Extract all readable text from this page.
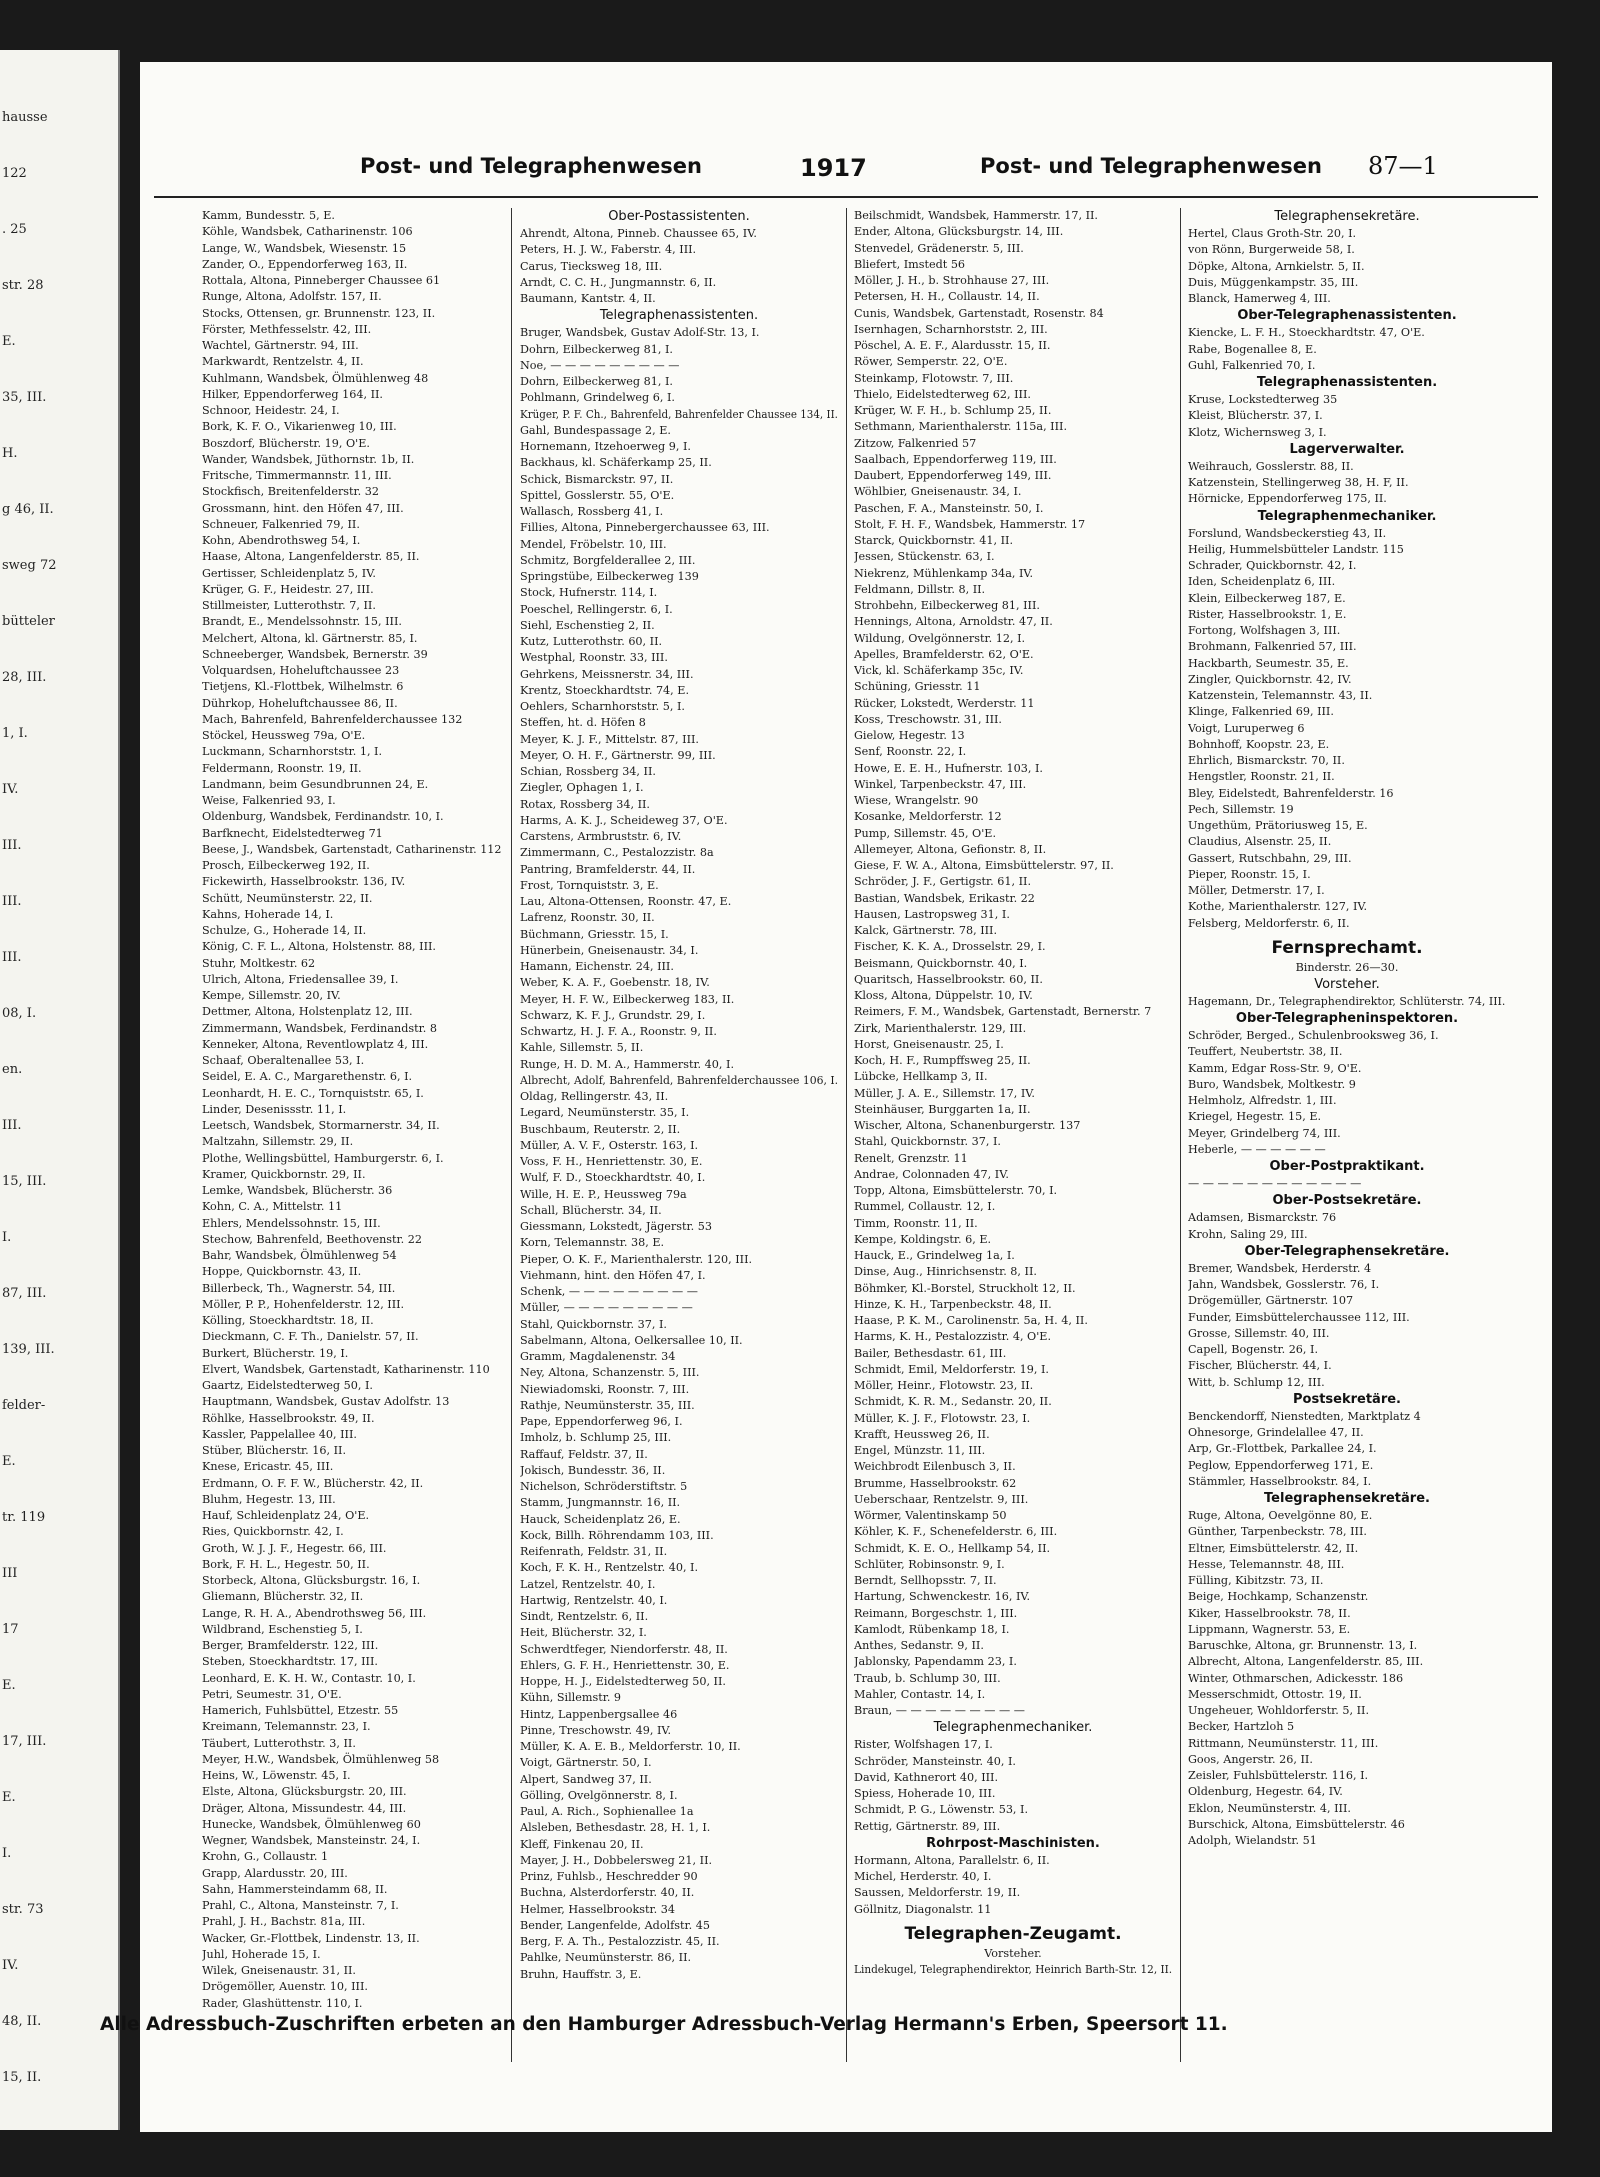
hausse
122
. 25
str. 28
E.
35, III.
H.
g 46, II.
sweg 72
bütteler
28, III.
1, I.
IV.
III.
III.
III.
08, I.
en.
III.
15, III.
I.
87, III.
139, III.
felder-
E.
tr. 119
III
17
E.
17, III.
E.
I.
str. 73
IV.
48, II.
15, II.
Post- und Telegraphenwesen	1917	Post- und Telegraphenwesen 87—1
Kamm, Bundesstr. 5, E.
Köhle, Wandsbek, Catharinenstr. 106
Lange, W., Wandsbek, Wiesenstr. 15
Zander, O., Eppendorferweg 163, II.
Rottala, Altona, Pinneberger Chaussee 61
Runge, Altona, Adolfstr. 157, II.
Stocks, Ottensen, gr. Brunnenstr. 123, II.
Förster, Methfesselstr. 42, III.
Wachtel, Gärtnerstr. 94, III.
Markwardt, Rentzelstr. 4, II.
Kuhlmann, Wandsbek, Ölmühlenweg 48
Hilker, Eppendorferweg 164, II.
Schnoor, Heidestr. 24, I.
Bork, K. F. O., Vikarienweg 10, III.
Boszdorf, Blücherstr. 19, O'E.
Wander, Wandsbek, Jüthornstr. 1b, II.
Fritsche, Timmermannstr. 11, III.
Stockfisch, Breitenfelderstr. 32
Grossmann, hint. den Höfen 47, III.
Schneuer, Falkenried 79, II.
Kohn, Abendrothsweg 54, I.
Haase, Altona, Langenfelderstr. 85, II.
Gertisser, Schleidenplatz 5, IV.
Krüger, G. F., Heidestr. 27, III.
Stillmeister, Lutterothstr. 7, II.
Brandt, E., Mendelssohnstr. 15, III.
Melchert, Altona, kl. Gärtnerstr. 85, I.
Schneeberger, Wandsbek, Bernerstr. 39
Volquardsen, Hoheluftchaussee 23
Tietjens, Kl.-Flottbek, Wilhelmstr. 6
Dührkop, Hoheluftchaussee 86, II.
Mach, Bahrenfeld, Bahrenfelderchaussee 132
Stöckel, Heussweg 79a, O'E.
Luckmann, Scharnhorststr. 1, I.
Feldermann, Roonstr. 19, II.
Landmann, beim Gesundbrunnen 24, E.
Weise, Falkenried 93, I.
Oldenburg, Wandsbek, Ferdinandstr. 10, I.
Barfknecht, Eidelstedterweg 71
Beese, J., Wandsbek, Gartenstadt, Catharinenstr. 112
Prosch, Eilbeckerweg 192, II.
Fickewirth, Hasselbrookstr. 136, IV.
Schütt, Neumünsterstr. 22, II.
Kahns, Hoherade 14, I.
Schulze, G., Hoherade 14, II.
König, C. F. L., Altona, Holstenstr. 88, III.
Stuhr, Moltkestr. 62
Ulrich, Altona, Friedensallee 39, I.
Kempe, Sillemstr. 20, IV.
Dettmer, Altona, Holstenplatz 12, III.
Zimmermann, Wandsbek, Ferdinandstr. 8
Kenneker, Altona, Reventlowplatz 4, III.
Schaaf, Oberaltenallee 53, I.
Seidel, E. A. C., Margarethenstr. 6, I.
Leonhardt, H. E. C., Tornquiststr. 65, I.
Linder, Desenissstr. 11, I.
Leetsch, Wandsbek, Stormarnerstr. 34, II.
Maltzahn, Sillemstr. 29, II.
Plothe, Wellingsbüttel, Hamburgerstr. 6, I.
Kramer, Quickbornstr. 29, II.
Lemke, Wandsbek, Blücherstr. 36
Kohn, C. A., Mittelstr. 11
Ehlers, Mendelssohnstr. 15, III.
Stechow, Bahrenfeld, Beethovenstr. 22
Bahr, Wandsbek, Ölmühlenweg 54
Hoppe, Quickbornstr. 43, II.
Billerbeck, Th., Wagnerstr. 54, III.
Möller, P. P., Hohenfelderstr. 12, III.
Kölling, Stoeckhardtstr. 18, II.
Dieckmann, C. F. Th., Danielstr. 57, II.
Burkert, Blücherstr. 19, I.
Elvert, Wandsbek, Gartenstadt, Katharinenstr. 110
Gaartz, Eidelstedterweg 50, I.
Hauptmann, Wandsbek, Gustav Adolfstr. 13
Röhlke, Hasselbrookstr. 49, II.
Kassler, Pappelallee 40, III.
Stüber, Blücherstr. 16, II.
Knese, Ericastr. 45, III.
Erdmann, O. F. F. W., Blücherstr. 42, II.
Bluhm, Hegestr. 13, III.
Hauf, Schleidenplatz 24, O'E.
Ries, Quickbornstr. 42, I.
Groth, W. J. J. F., Hegestr. 66, III.
Bork, F. H. L., Hegestr. 50, II.
Storbeck, Altona, Glücksburgstr. 16, I.
Gliemann, Blücherstr. 32, II.
Lange, R. H. A., Abendrothsweg 56, III.
Wildbrand, Eschenstieg 5, I.
Berger, Bramfelderstr. 122, III.
Steben, Stoeckhardtstr. 17, III.
Leonhard, E. K. H. W., Contastr. 10, I.
Petri, Seumestr. 31, O'E.
Hamerich, Fuhlsbüttel, Etzestr. 55
Kreimann, Telemannstr. 23, I.
Täubert, Lutterothstr. 3, II.
Meyer, H.W., Wandsbek, Ölmühlenweg 58
Heins, W., Löwenstr. 45, I.
Elste, Altona, Glücksburgstr. 20, III.
Dräger, Altona, Missundestr. 44, III.
Hunecke, Wandsbek, Ölmühlenweg 60
Wegner, Wandsbek, Mansteinstr. 24, I.
Krohn, G., Collaustr. 1
Grapp, Alardusstr. 20, III.
Sahn, Hammersteindamm 68, II.
Prahl, C., Altona, Mansteinstr. 7, I.
Prahl, J. H., Bachstr. 81a, III.
Wacker, Gr.-Flottbek, Lindenstr. 13, II.
Juhl, Hoherade 15, I.
Wilek, Gneisenaustr. 31, II.
Drögemöller, Auenstr. 10, III.
Rader, Glashüttenstr. 110, I.
Ober-Postassistenten.
Ahrendt, Altona, Pinneb. Chaussee 65, IV.
Peters, H. J. W., Faberstr. 4, III.
Carus, Tiecksweg 18, III.
Arndt, C. C. H., Jungmannstr. 6, II.
Baumann, Kantstr. 4, II.
Telegraphenassistenten.
Bruger, Wandsbek, Gustav Adolf-Str. 13, I.
Dohrn, Eilbeckerweg 81, I.
Noe, — — — — — — — — —
Dohrn, Eilbeckerweg 81, I.
Pohlmann, Grindelweg 6, I.
Krüger, P. F. Ch., Bahrenfeld, Bahrenfelder Chaussee 134, II.
Gahl, Bundespassage 2, E.
Hornemann, Itzehoerweg 9, I.
Backhaus, kl. Schäferkamp 25, II.
Schick, Bismarckstr. 97, II.
Spittel, Gosslerstr. 55, O'E.
Wallasch, Rossberg 41, I.
Fillies, Altona, Pinnebergerchaussee 63, III.
Mendel, Fröbelstr. 10, III.
Schmitz, Borgfelderallee 2, III.
Springstübe, Eilbeckerweg 139
Stock, Hufnerstr. 114, I.
Poeschel, Rellingerstr. 6, I.
Siehl, Eschenstieg 2, II.
Kutz, Lutterothstr. 60, II.
Westphal, Roonstr. 33, III.
Gehrkens, Meissnerstr. 34, III.
Krentz, Stoeckhardtstr. 74, E.
Oehlers, Scharnhorststr. 5, I.
Steffen, ht. d. Höfen 8
Meyer, K. J. F., Mittelstr. 87, III.
Meyer, O. H. F., Gärtnerstr. 99, III.
Schian, Rossberg 34, II.
Ziegler, Ophagen 1, I.
Rotax, Rossberg 34, II.
Harms, A. K. J., Scheideweg 37, O'E.
Carstens, Armbruststr. 6, IV.
Zimmermann, C., Pestalozzistr. 8a
Pantring, Bramfelderstr. 44, II.
Frost, Tornquiststr. 3, E.
Lau, Altona-Ottensen, Roonstr. 47, E.
Lafrenz, Roonstr. 30, II.
Büchmann, Griesstr. 15, I.
Hünerbein, Gneisenaustr. 34, I.
Hamann, Eichenstr. 24, III.
Weber, K. A. F., Goebenstr. 18, IV.
Meyer, H. F. W., Eilbeckerweg 183, II.
Schwarz, K. F. J., Grundstr. 29, I.
Schwartz, H. J. F. A., Roonstr. 9, II.
Kahle, Sillemstr. 5, II.
Runge, H. D. M. A., Hammerstr. 40, I.
Albrecht, Adolf, Bahrenfeld, Bahrenfelderchaussee 106, I.
Oldag, Rellingerstr. 43, II.
Legard, Neumünsterstr. 35, I.
Buschbaum, Reuterstr. 2, II.
Müller, A. V. F., Osterstr. 163, I.
Voss, F. H., Henriettenstr. 30, E.
Wulf, F. D., Stoeckhardtstr. 40, I.
Wille, H. E. P., Heussweg 79a
Schall, Blücherstr. 34, II.
Giessmann, Lokstedt, Jägerstr. 53
Korn, Telemannstr. 38, E.
Pieper, O. K. F., Marienthalerstr. 120, III.
Viehmann, hint. den Höfen 47, I.
Schenk, — — — — — — — — —
Müller, — — — — — — — — —
Stahl, Quickbornstr. 37, I.
Sabelmann, Altona, Oelkersallee 10, II.
Gramm, Magdalenenstr. 34
Ney, Altona, Schanzenstr. 5, III.
Niewiadomski, Roonstr. 7, III.
Rathje, Neumünsterstr. 35, III.
Pape, Eppendorferweg 96, I.
Imholz, b. Schlump 25, III.
Raffauf, Feldstr. 37, II.
Jokisch, Bundesstr. 36, II.
Nichelson, Schröderstiftstr. 5
Stamm, Jungmannstr. 16, II.
Hauck, Scheidenplatz 26, E.
Kock, Billh. Röhrendamm 103, III.
Reifenrath, Feldstr. 31, II.
Koch, F. K. H., Rentzelstr. 40, I.
Latzel, Rentzelstr. 40, I.
Hartwig, Rentzelstr. 40, I.
Sindt, Rentzelstr. 6, II.
Heit, Blücherstr. 32, I.
Schwerdtfeger, Niendorferstr. 48, II.
Ehlers, G. F. H., Henriettenstr. 30, E.
Hoppe, H. J., Eidelstedterweg 50, II.
Kühn, Sillemstr. 9
Hintz, Lappenbergsallee 46
Pinne, Treschowstr. 49, IV.
Müller, K. A. E. B., Meldorferstr. 10, II.
Voigt, Gärtnerstr. 50, I.
Alpert, Sandweg 37, II.
Gölling, Ovelgönnerstr. 8, I.
Paul, A. Rich., Sophienallee 1a
Alsleben, Bethesdastr. 28, H. 1, I.
Kleff, Finkenau 20, II.
Mayer, J. H., Dobbelersweg 21, II.
Prinz, Fuhlsb., Heschredder 90
Buchna, Alsterdorferstr. 40, II.
Helmer, Hasselbrookstr. 34
Bender, Langenfelde, Adolfstr. 45
Berg, F. A. Th., Pestalozzistr. 45, II.
Pahlke, Neumünsterstr. 86, II.
Bruhn, Hauffstr. 3, E.
Beilschmidt, Wandsbek, Hammerstr. 17, II.
Ender, Altona, Glücksburgstr. 14, III.
Stenvedel, Grädenerstr. 5, III.
Bliefert, Imstedt 56
Möller, J. H., b. Strohhause 27, III.
Petersen, H. H., Collaustr. 14, II.
Cunis, Wandsbek, Gartenstadt, Rosenstr. 84
Isernhagen, Scharnhorststr. 2, III.
Pöschel, A. E. F., Alardusstr. 15, II.
Röwer, Semperstr. 22, O'E.
Steinkamp, Flotowstr. 7, III.
Thielo, Eidelstedterweg 62, III.
Krüger, W. F. H., b. Schlump 25, II.
Sethmann, Marienthalerstr. 115a, III.
Zitzow, Falkenried 57
Saalbach, Eppendorferweg 119, III.
Daubert, Eppendorferweg 149, III.
Wöhlbier, Gneisenaustr. 34, I.
Paschen, F. A., Mansteinstr. 50, I.
Stolt, F. H. F., Wandsbek, Hammerstr. 17
Starck, Quickbornstr. 41, II.
Jessen, Stückenstr. 63, I.
Niekrenz, Mühlenkamp 34a, IV.
Feldmann, Dillstr. 8, II.
Strohbehn, Eilbeckerweg 81, III.
Hennings, Altona, Arnoldstr. 47, II.
Wildung, Ovelgönnerstr. 12, I.
Apelles, Bramfelderstr. 62, O'E.
Vick, kl. Schäferkamp 35c, IV.
Schüning, Griesstr. 11
Rücker, Lokstedt, Werderstr. 11
Koss, Treschowstr. 31, III.
Gielow, Hegestr. 13
Senf, Roonstr. 22, I.
Howe, E. E. H., Hufnerstr. 103, I.
Winkel, Tarpenbeckstr. 47, III.
Wiese, Wrangelstr. 90
Kosanke, Meldorferstr. 12
Pump, Sillemstr. 45, O'E.
Allemeyer, Altona, Gefionstr. 8, II.
Giese, F. W. A., Altona, Eimsbüttelerstr. 97, II.
Schröder, J. F., Gertigstr. 61, II.
Bastian, Wandsbek, Erikastr. 22
Hausen, Lastropsweg 31, I.
Kalck, Gärtnerstr. 78, III.
Fischer, K. K. A., Drosselstr. 29, I.
Beismann, Quickbornstr. 40, I.
Quaritsch, Hasselbrookstr. 60, II.
Kloss, Altona, Düppelstr. 10, IV.
Reimers, F. M., Wandsbek, Gartenstadt, Bernerstr. 7
Zirk, Marienthalerstr. 129, III.
Horst, Gneisenaustr. 25, I.
Koch, H. F., Rumpffsweg 25, II.
Lübcke, Hellkamp 3, II.
Müller, J. A. E., Sillemstr. 17, IV.
Steinhäuser, Burggarten 1a, II.
Wischer, Altona, Schanenburgerstr. 137
Stahl, Quickbornstr. 37, I.
Renelt, Grenzstr. 11
Andrae, Colonnaden 47, IV.
Topp, Altona, Eimsbüttelerstr. 70, I.
Rummel, Collaustr. 12, I.
Timm, Roonstr. 11, II.
Kempe, Koldingstr. 6, E.
Hauck, E., Grindelweg 1a, I.
Dinse, Aug., Hinrichsenstr. 8, II.
Böhmker, Kl.-Borstel, Struckholt 12, II.
Hinze, K. H., Tarpenbeckstr. 48, II.
Haase, P. K. M., Carolinenstr. 5a, H. 4, II.
Harms, K. H., Pestalozzistr. 4, O'E.
Bailer, Bethesdastr. 61, III.
Schmidt, Emil, Meldorferstr. 19, I.
Möller, Heinr., Flotowstr. 23, II.
Schmidt, K. R. M., Sedanstr. 20, II.
Müller, K. J. F., Flotowstr. 23, I.
Krafft, Heussweg 26, II.
Engel, Münzstr. 11, III.
Weichbrodt Eilenbusch 3, II.
Brumme, Hasselbrookstr. 62
Ueberschaar, Rentzelstr. 9, III.
Wörmer, Valentinskamp 50
Köhler, K. F., Schenefelderstr. 6, III.
Schmidt, K. E. O., Hellkamp 54, II.
Schlüter, Robinsonstr. 9, I.
Berndt, Sellhopsstr. 7, II.
Hartung, Schwenckestr. 16, IV.
Reimann, Borgeschstr. 1, III.
Kamlodt, Rübenkamp 18, I.
Anthes, Sedanstr. 9, II.
Jablonsky, Papendamm 23, I.
Traub, b. Schlump 30, III.
Mahler, Contastr. 14, I.
Braun, — — — — — — — — —
Telegraphenmechaniker.
Rister, Wolfshagen 17, I.
Schröder, Mansteinstr. 40, I.
David, Kathnerort 40, III.
Spiess, Hoherade 10, III.
Schmidt, P. G., Löwenstr. 53, I.
Rettig, Gärtnerstr. 89, III.
Rohrpost-Maschinisten.
Hormann, Altona, Parallelstr. 6, II.
Michel, Herderstr. 40, I.
Saussen, Meldorferstr. 19, II.
Göllnitz, Diagonalstr. 11
Telegraphen-Zeugamt.
Vorsteher.
Lindekugel, Telegraphendirektor, Heinrich Barth-Str. 12, II.
Telegraphensekretäre.
Hertel, Claus Groth-Str. 20, I.
von Rönn, Burgerweide 58, I.
Döpke, Altona, Arnkielstr. 5, II.
Duis, Müggenkampstr. 35, III.
Blanck, Hamerweg 4, III.
Ober-Telegraphenassistenten.
Kiencke, L. F. H., Stoeckhardtstr. 47, O'E.
Rabe, Bogenallee 8, E.
Guhl, Falkenried 70, I.
Telegraphenassistenten.
Kruse, Lockstedterweg 35
Kleist, Blücherstr. 37, I.
Klotz, Wichernsweg 3, I.
Lagerverwalter.
Weihrauch, Gosslerstr. 88, II.
Katzenstein, Stellingerweg 38, H. F, II.
Hörnicke, Eppendorferweg 175, II.
Telegraphenmechaniker.
Forslund, Wandsbeckerstieg 43, II.
Heilig, Hummelsbütteler Landstr. 115
Schrader, Quickbornstr. 42, I.
Iden, Scheidenplatz 6, III.
Klein, Eilbeckerweg 187, E.
Rister, Hasselbrookstr. 1, E.
Fortong, Wolfshagen 3, III.
Brohmann, Falkenried 57, III.
Hackbarth, Seumestr. 35, E.
Zingler, Quickbornstr. 42, IV.
Katzenstein, Telemannstr. 43, II.
Klinge, Falkenried 69, III.
Voigt, Luruperweg 6
Bohnhoff, Koopstr. 23, E.
Ehrlich, Bismarckstr. 70, II.
Hengstler, Roonstr. 21, II.
Bley, Eidelstedt, Bahrenfelderstr. 16
Pech, Sillemstr. 19
Ungethüm, Prätoriusweg 15, E.
Claudius, Alsenstr. 25, II.
Gassert, Rutschbahn, 29, III.
Pieper, Roonstr. 15, I.
Möller, Detmerstr. 17, I.
Kothe, Marienthalerstr. 127, IV.
Felsberg, Meldorferstr. 6, II.
Fernsprechamt.
Binderstr. 26—30.
Vorsteher.
Hagemann, Dr., Telegraphendirektor, Schlüterstr. 74, III.
Ober-Telegrapheninspektoren.
Schröder, Berged., Schulenbrooksweg 36, I.
Teuffert, Neubertstr. 38, II.
Kamm, Edgar Ross-Str. 9, O'E.
Buro, Wandsbek, Moltkestr. 9
Helmholz, Alfredstr. 1, III.
Kriegel, Hegestr. 15, E.
Meyer, Grindelberg 74, III.
Heberle, — — — — — —
Ober-Postpraktikant.
— — — — — — — — — — — —
Ober-Postsekretäre.
Adamsen, Bismarckstr. 76
Krohn, Saling 29, III.
Ober-Telegraphensekretäre.
Bremer, Wandsbek, Herderstr. 4
Jahn, Wandsbek, Gosslerstr. 76, I.
Drögemüller, Gärtnerstr. 107
Funder, Eimsbüttelerchaussee 112, III.
Grosse, Sillemstr. 40, III.
Capell, Bogenstr. 26, I.
Fischer, Blücherstr. 44, I.
Witt, b. Schlump 12, III.
Postsekretäre.
Benckendorff, Nienstedten, Marktplatz 4
Ohnesorge, Grindelallee 47, II.
Arp, Gr.-Flottbek, Parkallee 24, I.
Peglow, Eppendorferweg 171, E.
Stämmler, Hasselbrookstr. 84, I.
Telegraphensekretäre.
Ruge, Altona, Oevelgönne 80, E.
Günther, Tarpenbeckstr. 78, III.
Eltner, Eimsbüttelerstr. 42, II.
Hesse, Telemannstr. 48, III.
Fülling, Kibitzstr. 73, II.
Beige, Hochkamp, Schanzenstr.
Kiker, Hasselbrookstr. 78, II.
Lippmann, Wagnerstr. 53, E.
Baruschke, Altona, gr. Brunnenstr. 13, I.
Albrecht, Altona, Langenfelderstr. 85, III.
Winter, Othmarschen, Adickesstr. 186
Messerschmidt, Ottostr. 19, II.
Ungeheuer, Wohldorferstr. 5, II.
Becker, Hartzloh 5
Rittmann, Neumünsterstr. 11, III.
Goos, Angerstr. 26, II.
Zeisler, Fuhlsbüttelerstr. 116, I.
Oldenburg, Hegestr. 64, IV.
Eklon, Neumünsterstr. 4, III.
Burschick, Altona, Eimsbüttelerstr. 46
Adolph, Wielandstr. 51
Alle Adressbuch-Zuschriften erbeten an den Hamburger Adressbuch-Verlag Hermann's Erben, Speersort 11.
